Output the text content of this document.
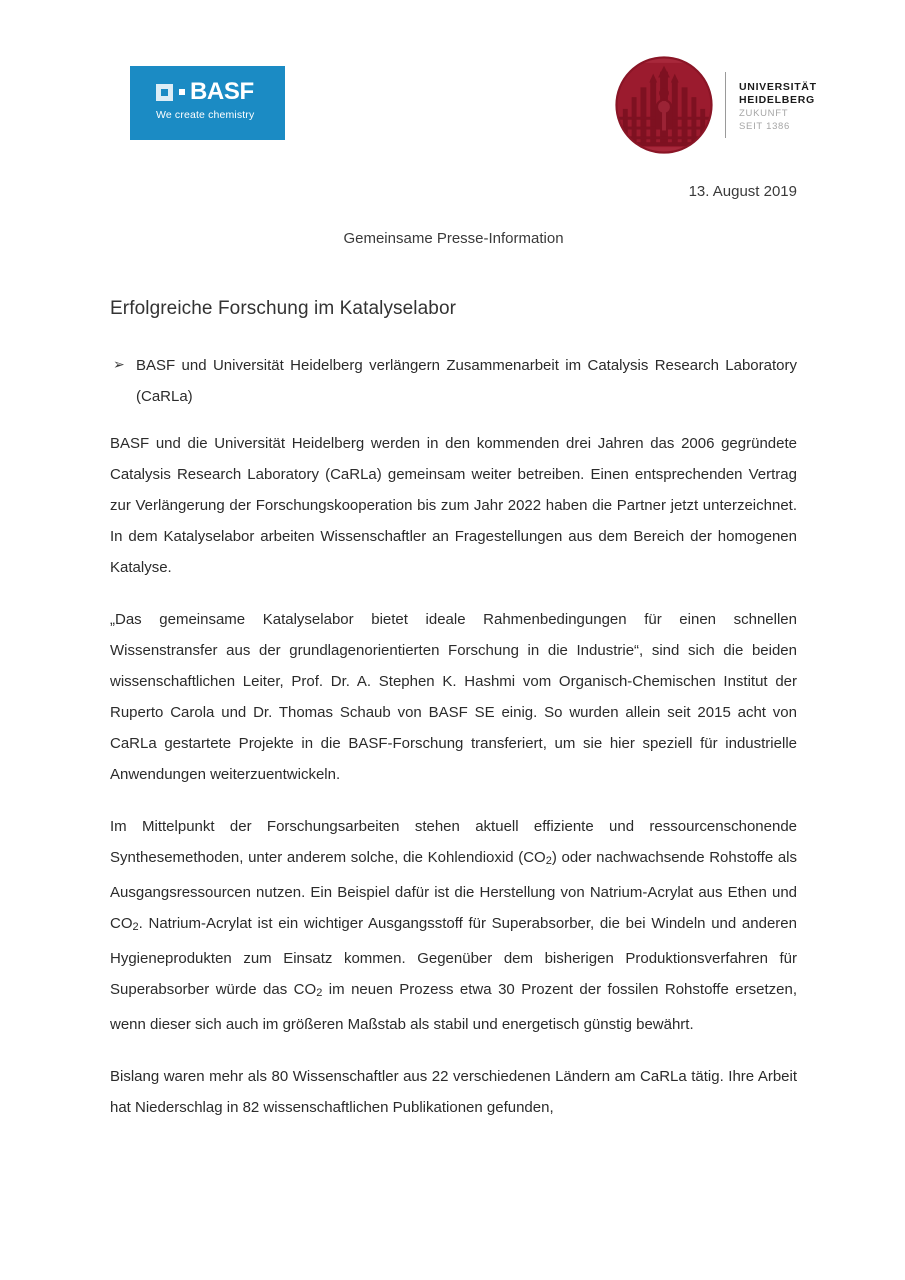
BASF
We create chemistry
UNIVERSITÄT
HEIDELBERG
ZUKUNFT
SEIT 1386
13. August 2019
Gemeinsame Presse-Information
Erfolgreiche Forschung im Katalyselabor
➢ BASF und Universität Heidelberg verlängern Zusammenarbeit im Catalysis Research Laboratory (CaRLa)

BASF und die Universität Heidelberg werden in den kommenden drei Jahren das 2006 gegründete Catalysis Research Laboratory (CaRLa) gemeinsam weiter betreiben. Einen entsprechenden Vertrag zur Verlängerung der Forschungskooperation bis zum Jahr 2022 haben die Partner jetzt unterzeichnet. In dem Katalyselabor arbeiten Wissenschaftler an Fragestellungen aus dem Bereich der homogenen Katalyse.

„Das gemeinsame Katalyselabor bietet ideale Rahmenbedingungen für einen schnellen Wissenstransfer aus der grundlagenorientierten Forschung in die Industrie“, sind sich die beiden wissenschaftlichen Leiter, Prof. Dr. A. Stephen K. Hashmi vom Organisch-Chemischen Institut der Ruperto Carola und Dr. Thomas Schaub von BASF SE einig. So wurden allein seit 2015 acht von CaRLa gestartete Projekte in die BASF-Forschung transferiert, um sie hier speziell für industrielle Anwendungen weiterzuentwickeln.

Im Mittelpunkt der Forschungsarbeiten stehen aktuell effiziente und ressourcenschonende Synthesemethoden, unter anderem solche, die Kohlendioxid $(CO_2)$ oder nachwachsende Rohstoffe als Ausgangsressourcen nutzen. Ein Beispiel dafür ist die Herstellung von Natrium-Acrylat aus Ethen und $CO_2$. Natrium-Acrylat ist ein wichtiger Ausgangsstoff für Superabsorber, die bei Windeln und anderen Hygieneprodukten zum Einsatz kommen. Gegenüber dem bisherigen Produktionsverfahren für Superabsorber würde das $CO_2$ im neuen Prozess etwa 30 Prozent der fossilen Rohstoffe ersetzen, wenn dieser sich auch im größeren Maßstab als stabil und energetisch günstig bewährt.

Bislang waren mehr als 80 Wissenschaftler aus 22 verschiedenen Ländern am CaRLa tätig. Ihre Arbeit hat Niederschlag in 82 wissenschaftlichen Publikationen gefunden,
